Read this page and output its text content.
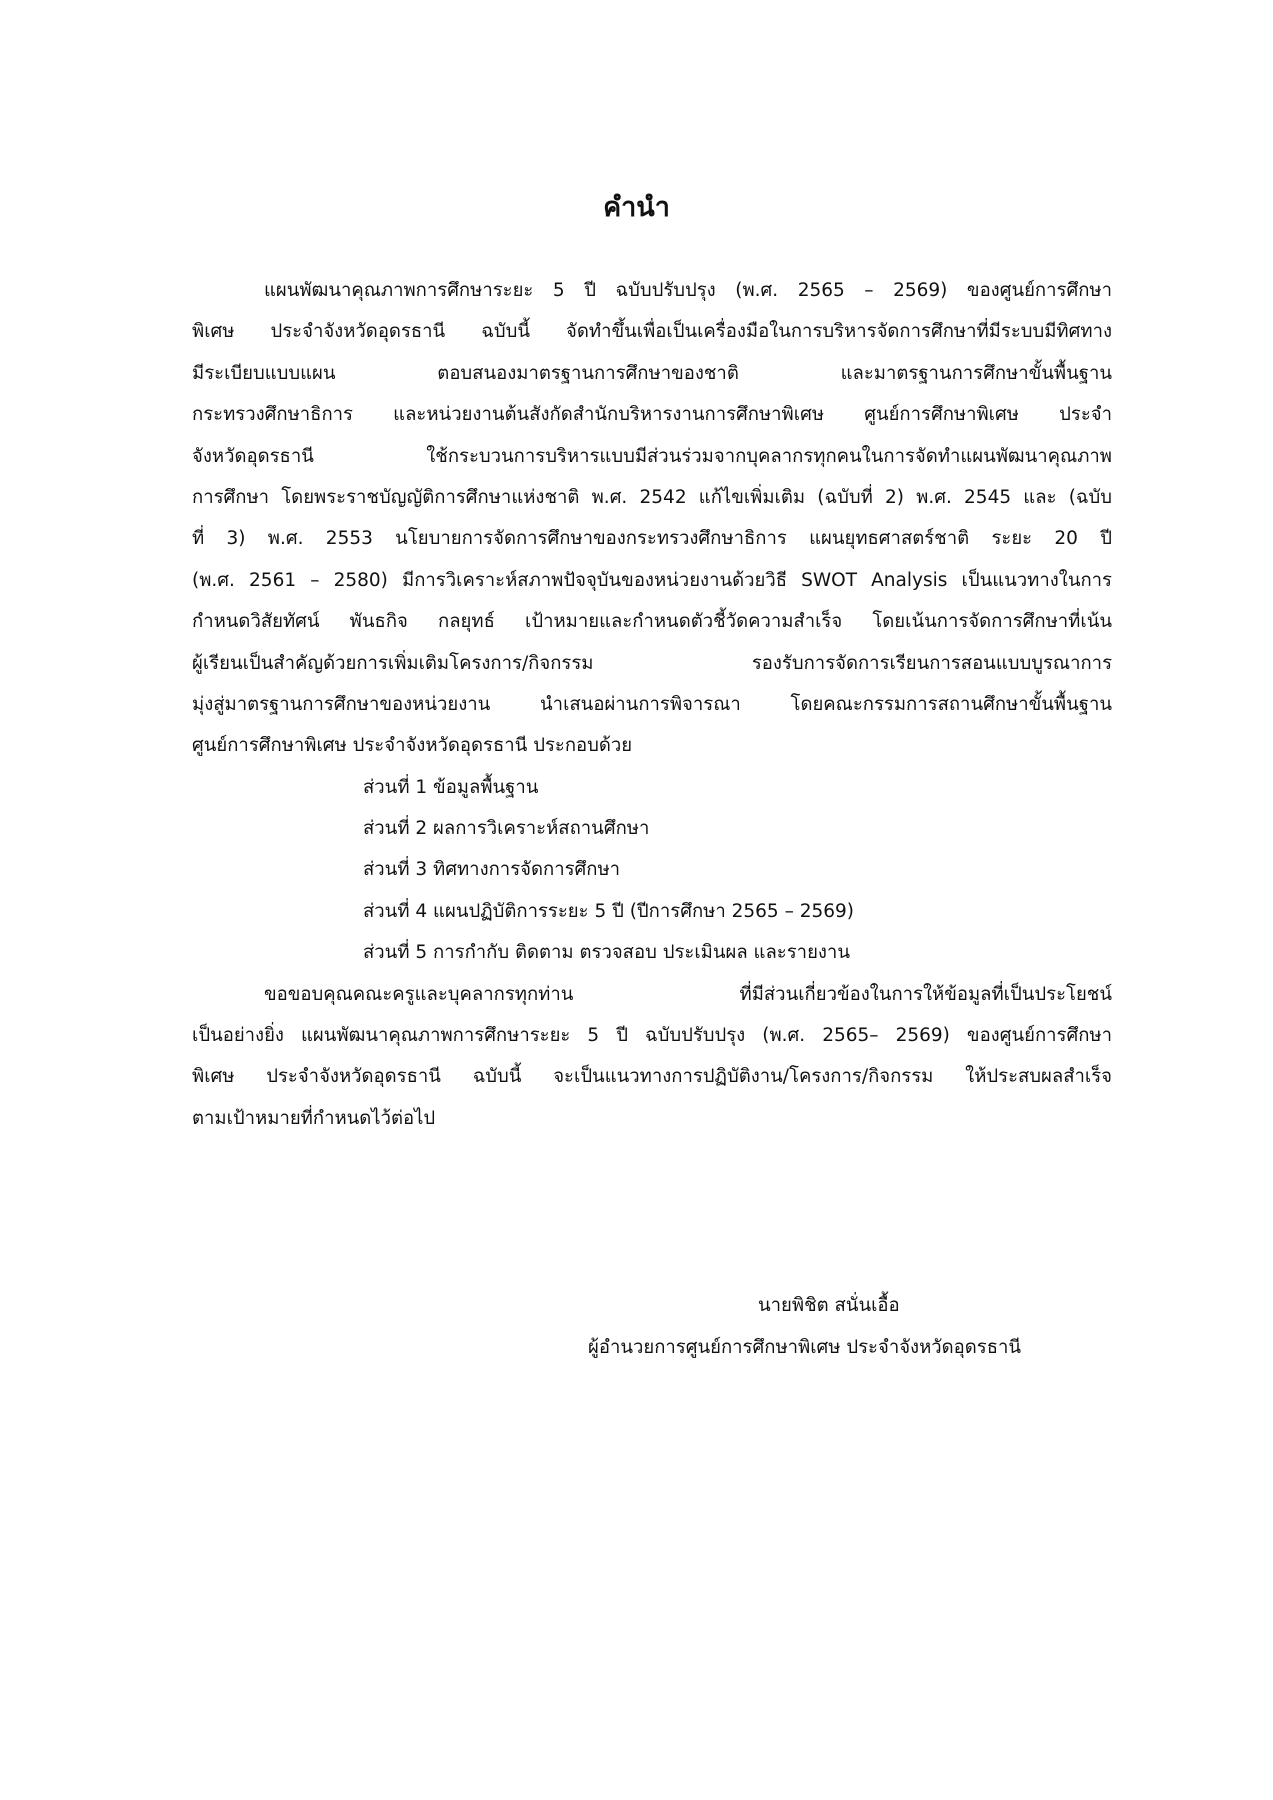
คำนำ
แผนพัฒนาคุณภาพการศึกษาระยะ 5 ปี ฉบับปรับปรุง (พ.ศ. 2565 – 2569) ของศูนย์การศึกษา
พิเศษ ประจำจังหวัดอุดรธานี ฉบับนี้ จัดทำขึ้นเพื่อเป็นเครื่องมือในการบริหารจัดการศึกษาที่มีระบบมีทิศทาง
มีระเบียบแบบแผน ตอบสนองมาตรฐานการศึกษาของชาติ และมาตรฐานการศึกษาขั้นพื้นฐาน
กระทรวงศึกษาธิการ และหน่วยงานต้นสังกัดสำนักบริหารงานการศึกษาพิเศษ ศูนย์การศึกษาพิเศษ ประจำ
จังหวัดอุดรธานี ใช้กระบวนการบริหารแบบมีส่วนร่วมจากบุคลากรทุกคนในการจัดทำแผนพัฒนาคุณภาพ
การศึกษา โดยพระราชบัญญัติการศึกษาแห่งชาติ พ.ศ. 2542 แก้ไขเพิ่มเติม (ฉบับที่ 2) พ.ศ. 2545 และ (ฉบับ
ที่ 3) พ.ศ. 2553 นโยบายการจัดการศึกษาของกระทรวงศึกษาธิการ แผนยุทธศาสตร์ชาติ ระยะ 20 ปี
(พ.ศ. 2561 – 2580) มีการวิเคราะห์สภาพปัจจุบันของหน่วยงานด้วยวิธี SWOT Analysis เป็นแนวทางในการ
กำหนดวิสัยทัศน์ พันธกิจ กลยุทธ์ เป้าหมายและกำหนดตัวชี้วัดความสำเร็จ โดยเน้นการจัดการศึกษาที่เน้น
ผู้เรียนเป็นสำคัญด้วยการเพิ่มเติมโครงการ/กิจกรรม รองรับการจัดการเรียนการสอนแบบบูรณาการ
มุ่งสู่มาตรฐานการศึกษาของหน่วยงาน นำเสนอผ่านการพิจารณา โดยคณะกรรมการสถานศึกษาขั้นพื้นฐาน
ศูนย์การศึกษาพิเศษ ประจำจังหวัดอุดรธานี ประกอบด้วย
ส่วนที่ 1 ข้อมูลพื้นฐาน
ส่วนที่ 2 ผลการวิเคราะห์สถานศึกษา
ส่วนที่ 3 ทิศทางการจัดการศึกษา
ส่วนที่ 4 แผนปฏิบัติการระยะ 5 ปี (ปีการศึกษา 2565 – 2569)
ส่วนที่ 5 การกำกับ ติดตาม ตรวจสอบ ประเมินผล และรายงาน
ขอขอบคุณคณะครูและบุคลากรทุกท่าน ที่มีส่วนเกี่ยวข้องในการให้ข้อมูลที่เป็นประโยชน์
เป็นอย่างยิ่ง แผนพัฒนาคุณภาพการศึกษาระยะ 5 ปี ฉบับปรับปรุง (พ.ศ. 2565– 2569) ของศูนย์การศึกษา
พิเศษ ประจำจังหวัดอุดรธานี ฉบับนี้ จะเป็นแนวทางการปฏิบัติงาน/โครงการ/กิจกรรม ให้ประสบผลสำเร็จ
ตามเป้าหมายที่กำหนดไว้ต่อไป
นายพิชิต สนั่นเอื้อ
ผู้อำนวยการศูนย์การศึกษาพิเศษ ประจำจังหวัดอุดรธานี
